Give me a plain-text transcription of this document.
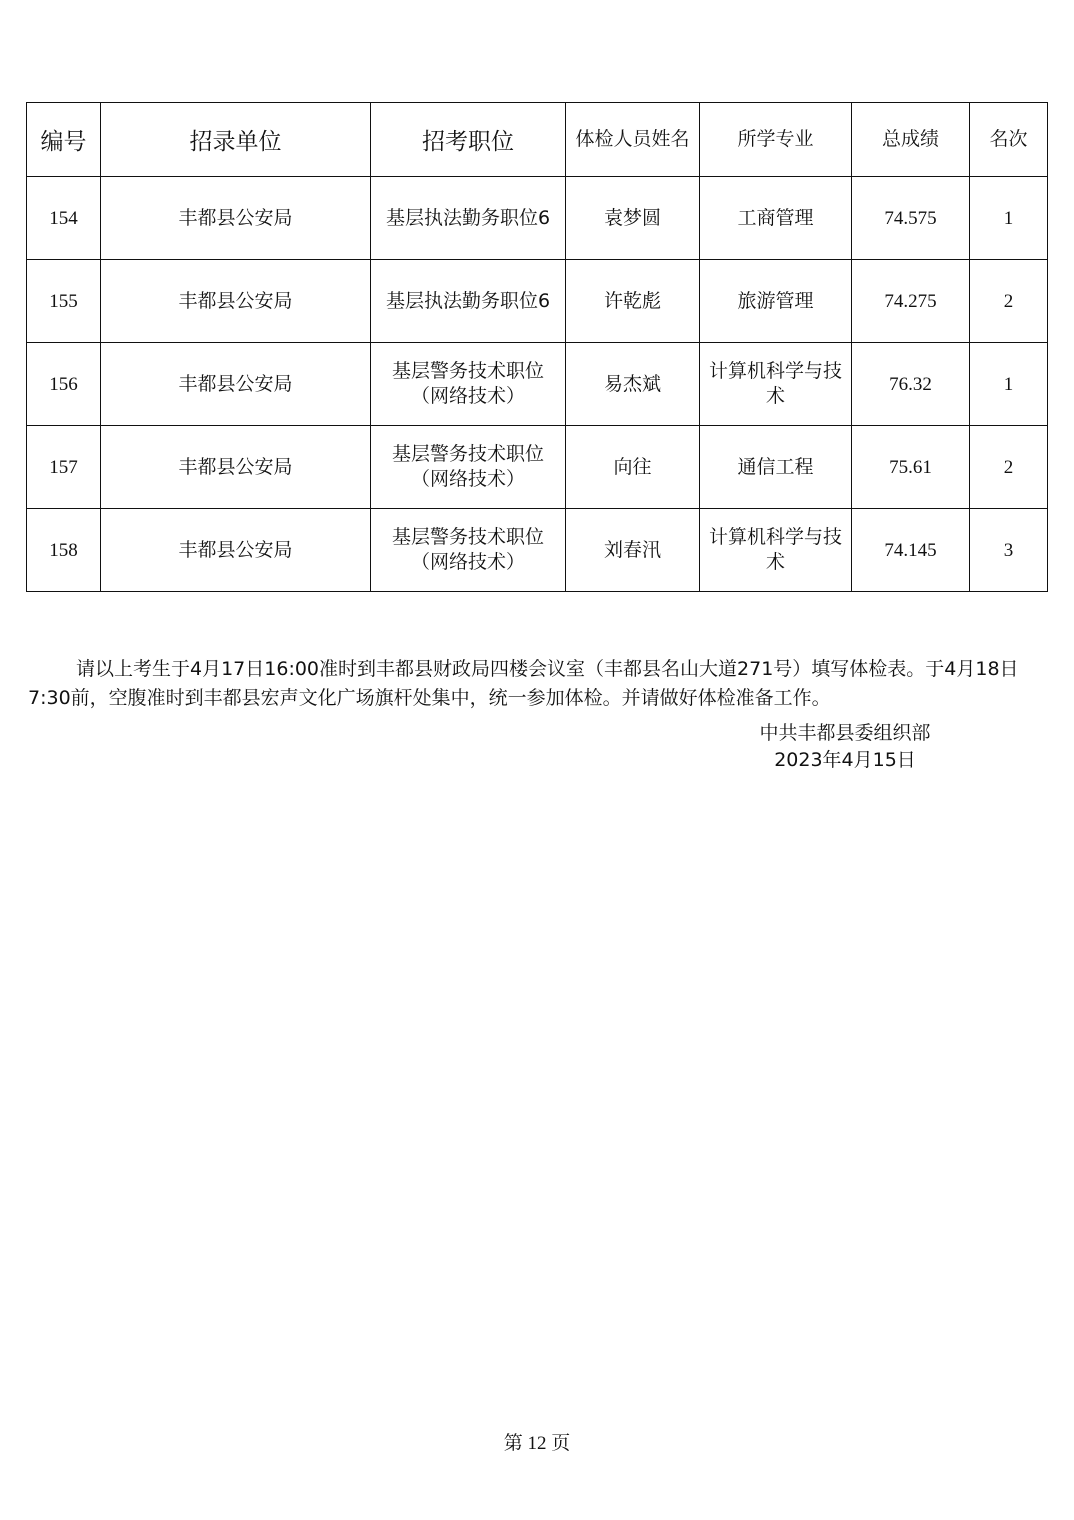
编号	招录单位	招考职位	体检人员姓名	所学专业	总成绩	名次
154	丰都县公安局	基层执法勤务职位6	袁梦圆	工商管理	74.575	1
155	丰都县公安局	基层执法勤务职位6	许乾彪	旅游管理	74.275	2
156	丰都县公安局	基层警务技术职位（网络技术）	易杰斌	计算机科学与技术	76.32	1
157	丰都县公安局	基层警务技术职位（网络技术）	向往	通信工程	75.61	2
158	丰都县公安局	基层警务技术职位（网络技术）	刘春汛	计算机科学与技术	74.145	3

请以上考生于4月17日16:00准时到丰都县财政局四楼会议室（丰都县名山大道271号）填写体检表。于4月18日7:30前，空腹准时到丰都县宏声文化广场旗杆处集中，统一参加体检。并请做好体检准备工作。

中共丰都县委组织部
2023年4月15日
第 12 页
